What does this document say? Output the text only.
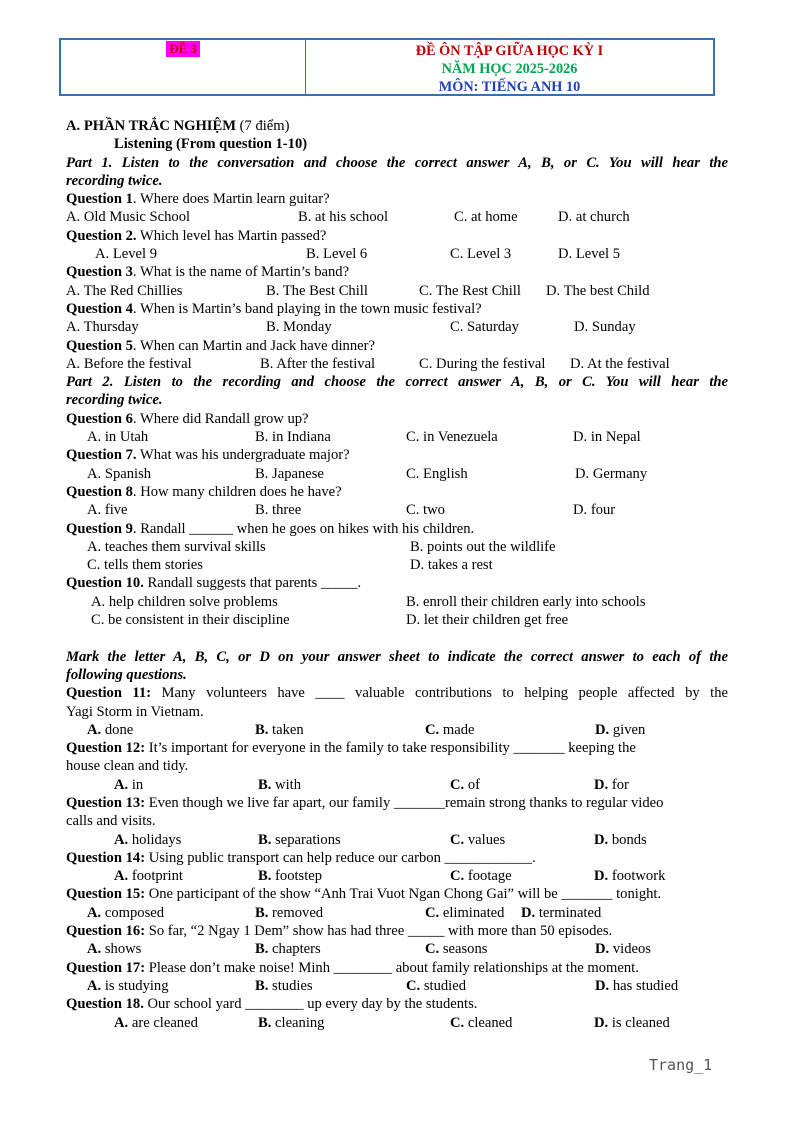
ĐỀ 3	ĐỀ ÔN TẬP GIỮA HỌC KỲ I
NĂM HỌC 2025-2026
MÔN: TIẾNG ANH 10
A. PHẦN TRẮC NGHIỆM (7 điểm)
Listening (From question 1-10)
Part 1. Listen to the conversation and choose the correct answer A, B, or C. You will hear the
recording twice.
Question 1. Where does Martin learn guitar?
A. Old Music School	B. at his school	C. at home	D. at church
Question 2. Which level has Martin passed?
A. Level 9	B. Level 6	C. Level 3	D. Level 5
Question 3. What is the name of Martin’s band?
A. The Red Chillies	B. The Best Chill	C. The Rest Chill D. The best Child
Question 4. When is Martin’s band playing in the town music festival?
A. Thursday	B. Monday	C. Saturday	D. Sunday
Question 5. When can Martin and Jack have dinner?
A. Before the festival	B. After the festival	C. During the festival D. At the festival
Part 2. Listen to the recording and choose the correct answer A, B, or C. You will hear the
recording twice.
Question 6. Where did Randall grow up?
A. in Utah	B. in Indiana	C. in Venezuela	D. in Nepal
Question 7. What was his undergraduate major?
A. Spanish	B. Japanese	C. English	D. Germany
Question 8. How many children does he have?
A. five	B. three	C. two	D. four
Question 9. Randall ______ when he goes on hikes with his children.
A. teaches them survival skills	B. points out the wildlife
C. tells them stories	D. takes a rest
Question 10. Randall suggests that parents _____.
A. help children solve problems	B. enroll their children early into schools
C. be consistent in their discipline	D. let their children get free
Mark the letter A, B, C, or D on your answer sheet to indicate the correct answer to each of the
following questions.
Question 11: Many volunteers have ____ valuable contributions to helping people affected by the
Yagi Storm in Vietnam.
A. done	B. taken	C. made	D. given
Question 12: It’s important for everyone in the family to take responsibility _______ keeping the
house clean and tidy.
A. in	B. with	C. of	D. for
Question 13: Even though we live far apart, our family _______remain strong thanks to regular video
calls and visits.
A. holidays	B. separations	C. values	D. bonds
Question 14: Using public transport can help reduce our carbon ____________.
A. footprint	B. footstep	C. footage	D. footwork
Question 15: One participant of the show “Anh Trai Vuot Ngan Chong Gai” will be _______ tonight.
A. composed	B. removed	C. eliminated D. terminated
Question 16: So far, “2 Ngay 1 Dem” show has had three _____ with more than 50 episodes.
A. shows	B. chapters	C. seasons	D. videos
Question 17: Please don’t make noise! Minh ________ about family relationships at the moment.
A. is studying	B. studies	C. studied	D. has studied
Question 18. Our school yard ________ up every day by the students.
A. are cleaned	B. cleaning	C. cleaned	D. is cleaned
Trang_1
